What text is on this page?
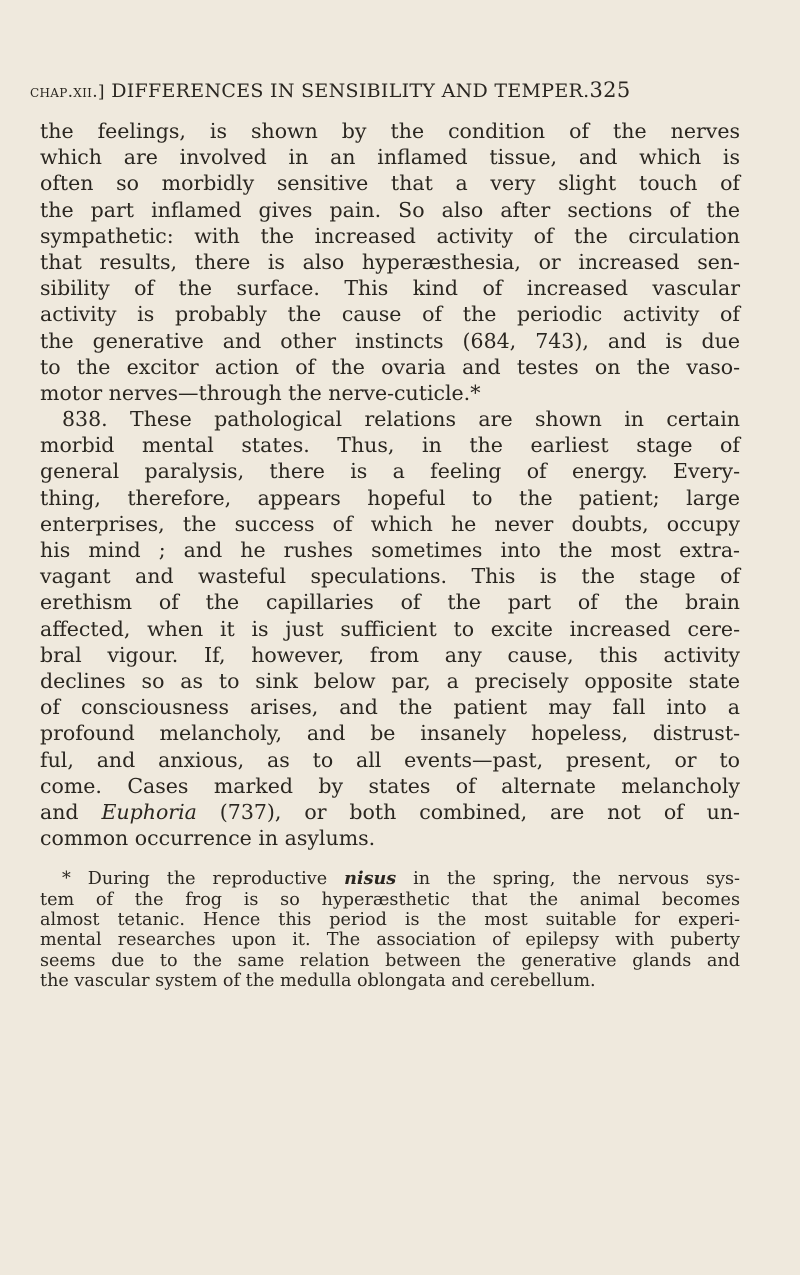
chap.xii.] DIFFERENCES IN SENSIBILITY AND TEMPER.325
the feelings, is shown by the condition of the nerves
which are involved in an inflamed tissue, and which is
often so morbidly sensitive that a very slight touch of
the part inflamed gives pain. So also after sections of the
sympathetic: with the increased activity of the circulation
that results, there is also hyperæsthesia, or increased sen-
sibility of the surface. This kind of increased vascular
activity is probably the cause of the periodic activity of
the generative and other instincts (684, 743), and is due
to the excitor action of the ovaria and testes on the vaso-
motor nerves—through the nerve-cuticle.*
838. These pathological relations are shown in certain
morbid mental states. Thus, in the earliest stage of
general paralysis, there is a feeling of energy. Every-
thing, therefore, appears hopeful to the patient; large
enterprises, the success of which he never doubts, occupy
his mind ; and he rushes sometimes into the most extra-
vagant and wasteful speculations. This is the stage of
erethism of the capillaries of the part of the brain
affected, when it is just sufficient to excite increased cere-
bral vigour. If, however, from any cause, this activity
declines so as to sink below par, a precisely opposite state
of consciousness arises, and the patient may fall into a
profound melancholy, and be insanely hopeless, distrust-
ful, and anxious, as to all events—past, present, or to
come. Cases marked by states of alternate melancholy
and Euphoria (737), or both combined, are not of un-
common occurrence in asylums.
* During the reproductive nisus in the spring, the nervous sys-
tem of the frog is so hyperæsthetic that the animal becomes
almost tetanic. Hence this period is the most suitable for experi-
mental researches upon it. The association of epilepsy with puberty
seems due to the same relation between the generative glands and
the vascular system of the medulla oblongata and cerebellum.
